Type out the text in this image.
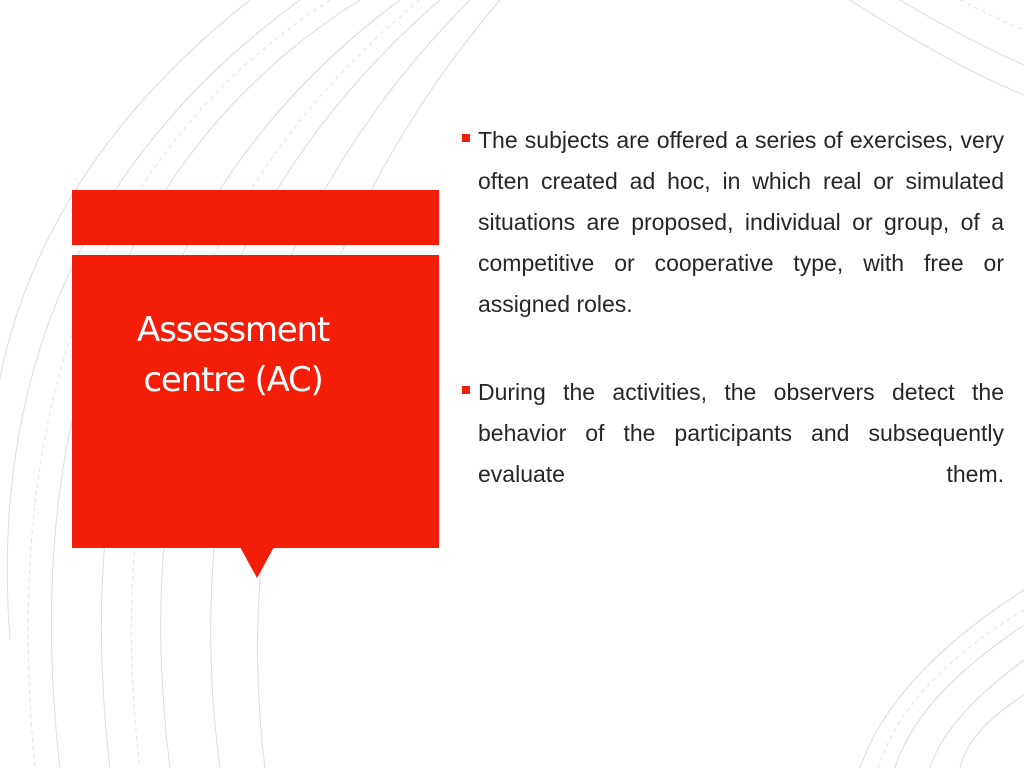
Assessment
centre (AC)
The subjects are offered a series of exercises, very often created ad hoc, in which real or simulated situations are proposed, individual or group, of a competitive or cooperative type, with free or assigned roles.
During the activities, the observers detect the behavior of the participants and subsequently evaluate them.
